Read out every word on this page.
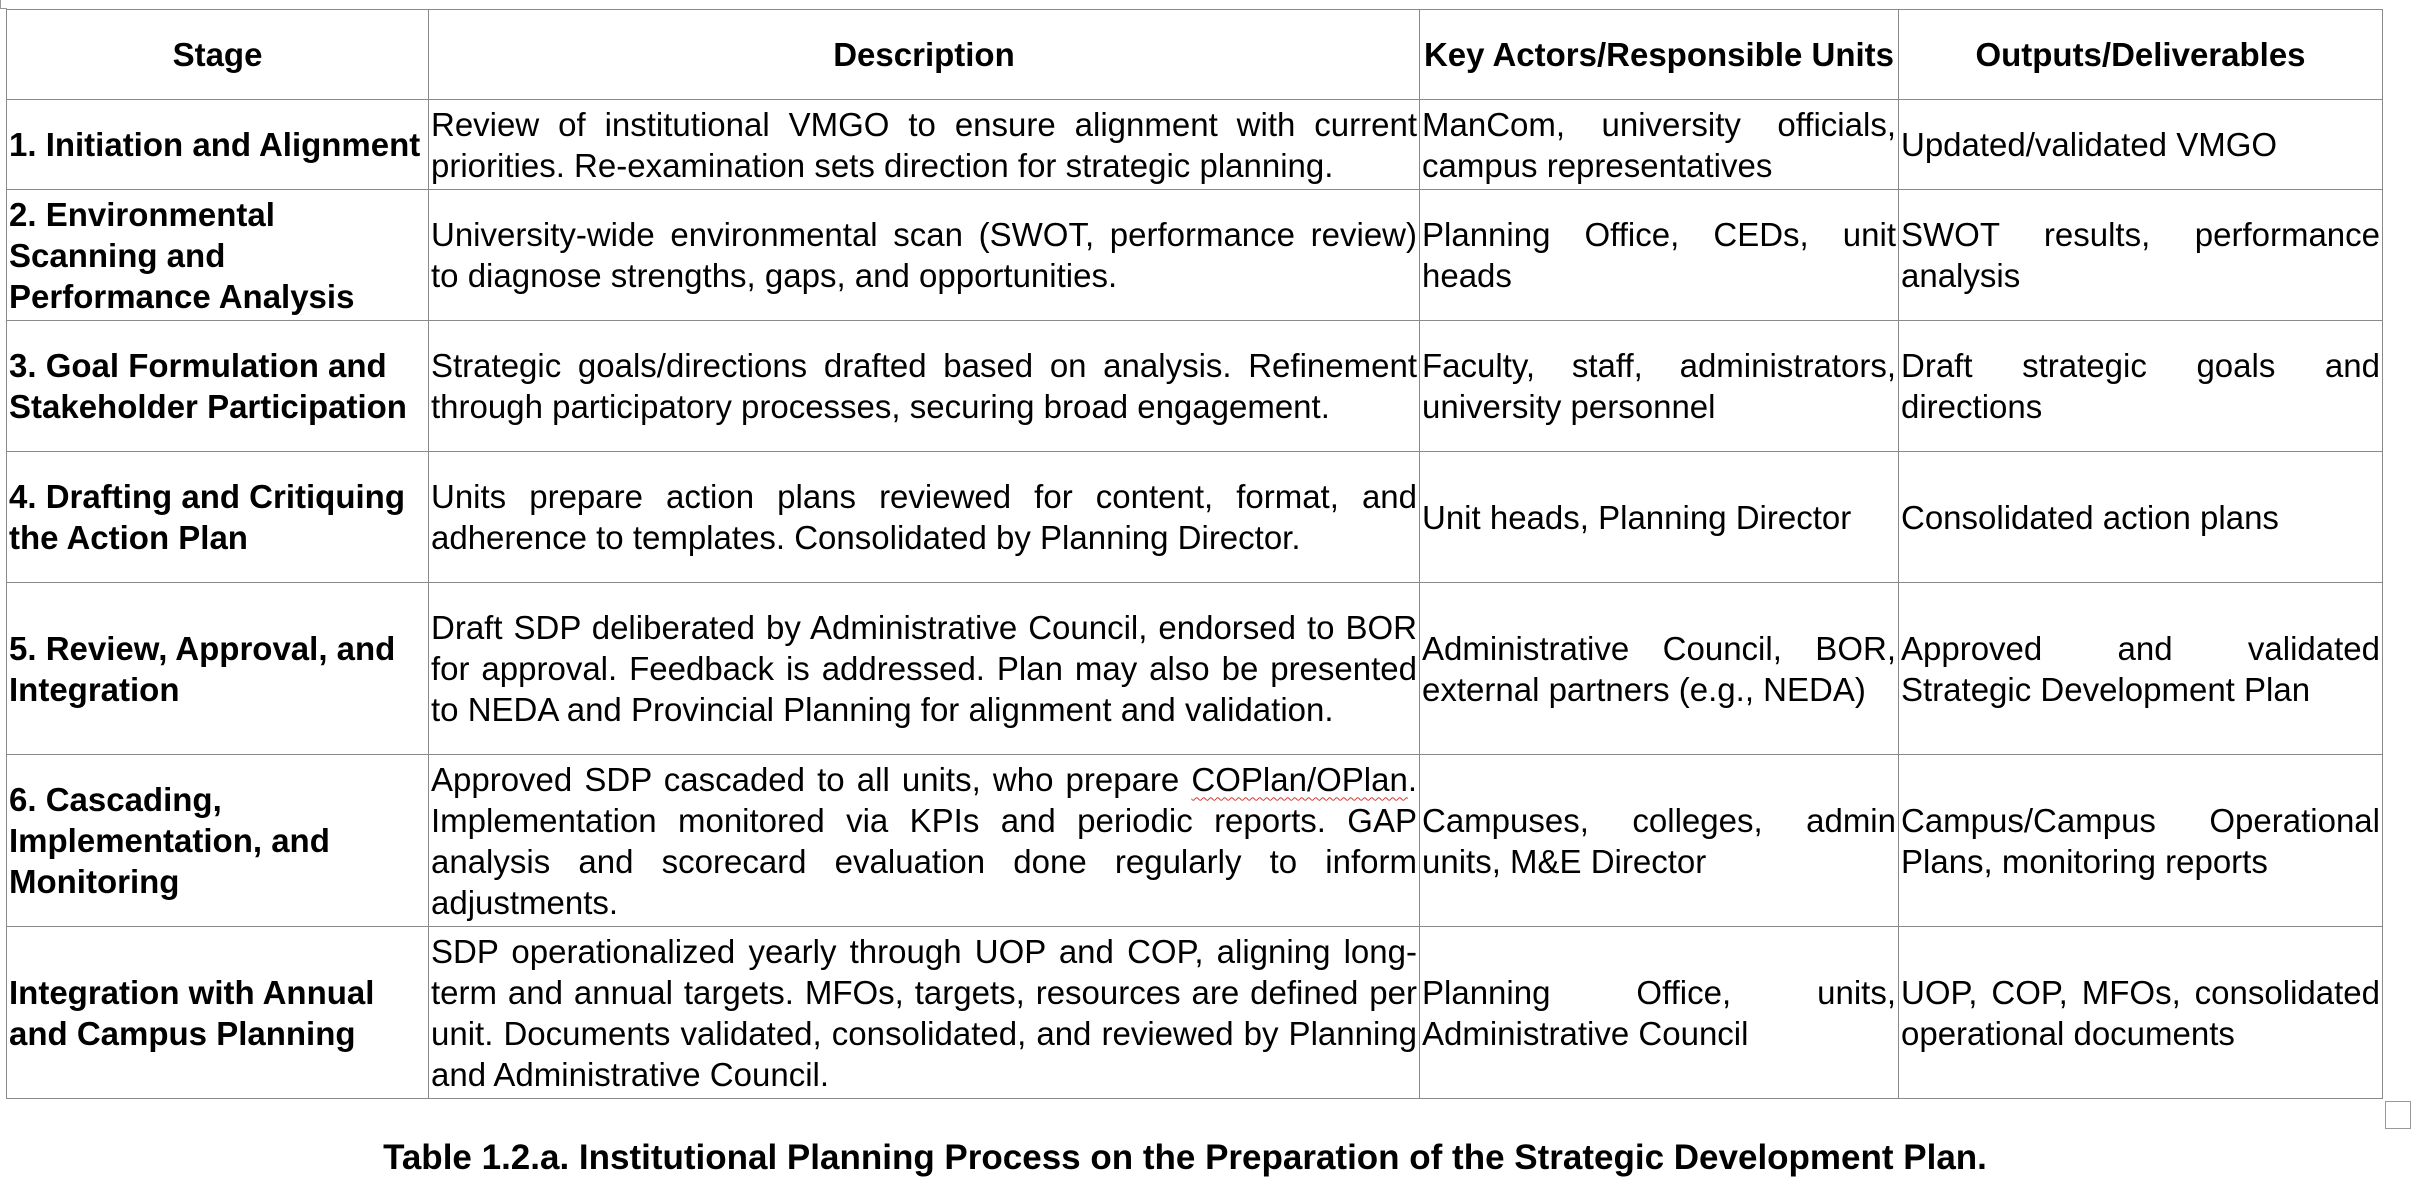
Stage	Description	Key Actors/Responsible Units	Outputs/Deliverables
1. Initiation and Alignment	Review of institutional VMGO to ensure alignment with current priorities. Re-examination sets direction for strategic planning.	ManCom, university officials, campus representatives	Updated/validated VMGO
2. Environmental Scanning and Performance Analysis	University-wide environmental scan (SWOT, performance review) to diagnose strengths, gaps, and opportunities.	Planning Office, CEDs, unit heads	SWOT results, performance analysis
3. Goal Formulation and Stakeholder Participation	Strategic goals/directions drafted based on analysis. Refinement through participatory processes, securing broad engagement.	Faculty, staff, administrators, university personnel	Draft strategic goals and directions
4. Drafting and Critiquing the Action Plan	Units prepare action plans reviewed for content, format, and adherence to templates. Consolidated by Planning Director.	Unit heads, Planning Director	Consolidated action plans
5. Review, Approval, and Integration	Draft SDP deliberated by Administrative Council, endorsed to BOR for approval. Feedback is addressed. Plan may also be presented to NEDA and Provincial Planning for alignment and validation.	Administrative Council, BOR, external partners (e.g., NEDA)	Approved and validated Strategic Development Plan
6. Cascading, Implementation, and Monitoring	Approved SDP cascaded to all units, who prepare COPlan/OPlan. Implementation monitored via KPIs and periodic reports. GAP analysis and scorecard evaluation done regularly to inform adjustments.	Campuses, colleges, admin units, M&E Director	Campus/Campus Operational Plans, monitoring reports
Integration with Annual and Campus Planning	SDP operationalized yearly through UOP and COP, aligning long-term and annual targets. MFOs, targets, resources are defined per unit. Documents validated, consolidated, and reviewed by Planning and Administrative Council.	Planning Office, units, Administrative Council	UOP, COP, MFOs, consolidated operational documents
Table 1.2.a. Institutional Planning Process on the Preparation of the Strategic Development Plan.
